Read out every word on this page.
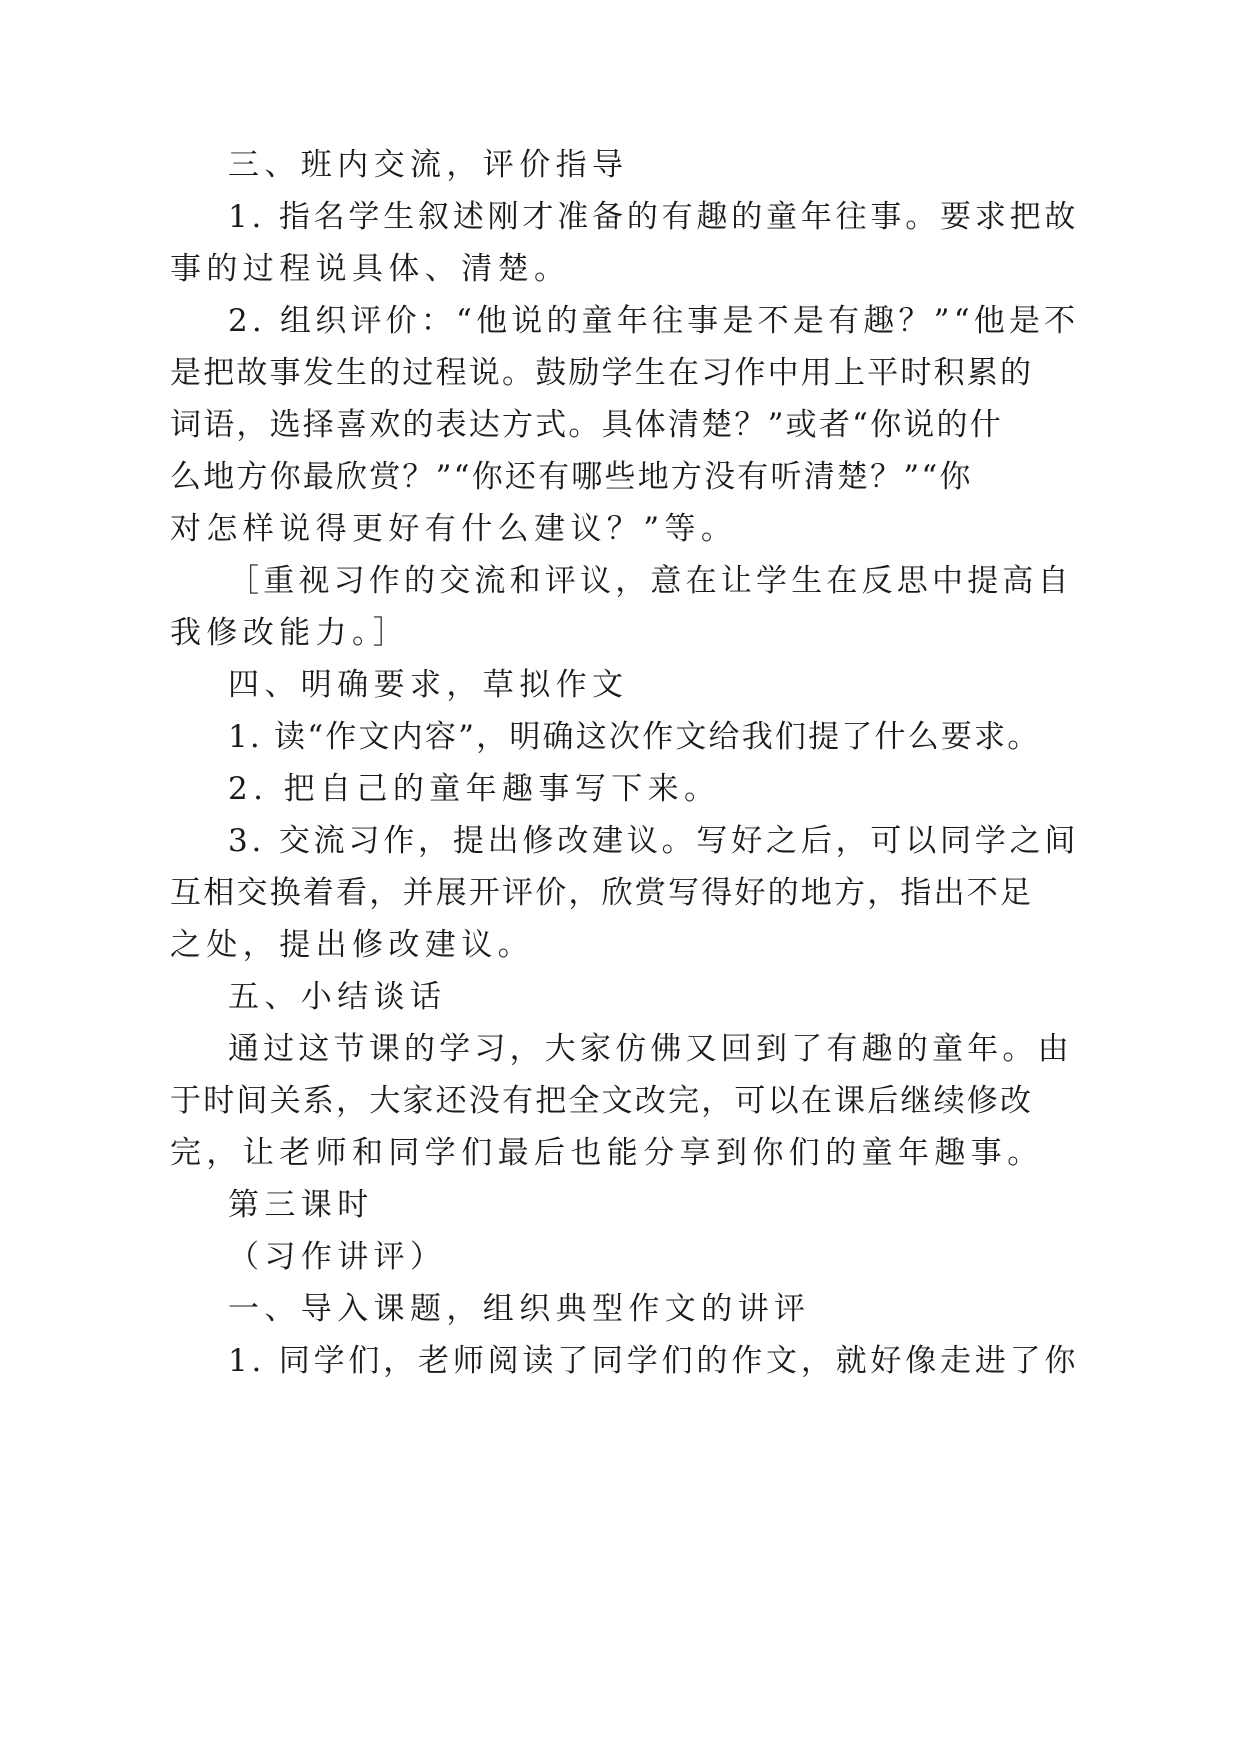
三、班内交流，评价指导

1. 指名学生叙述刚才准备的有趣的童年往事。要求把故

事的过程说具体、清楚。

2. 组织评价：“他说的童年往事是不是有趣？”“他是不

是把故事发生的过程说。鼓励学生在习作中用上平时积累的

词语，选择喜欢的表达方式。具体清楚？”或者“你说的什

么地方你最欣赏？”“你还有哪些地方没有听清楚？”“你

对怎样说得更好有什么建议？”等。

［重视习作的交流和评议，意在让学生在反思中提高自

我修改能力。］

四、明确要求，草拟作文

1. 读“作文内容”，明确这次作文给我们提了什么要求。

2. 把自己的童年趣事写下来。

3. 交流习作，提出修改建议。写好之后，可以同学之间

互相交换着看，并展开评价，欣赏写得好的地方，指出不足

之处，提出修改建议。

五、小结谈话

通过这节课的学习，大家仿佛又回到了有趣的童年。由

于时间关系，大家还没有把全文改完，可以在课后继续修改

完，让老师和同学们最后也能分享到你们的童年趣事。

第三课时

（习作讲评）

一、导入课题，组织典型作文的讲评

1. 同学们，老师阅读了同学们的作文，就好像走进了你
